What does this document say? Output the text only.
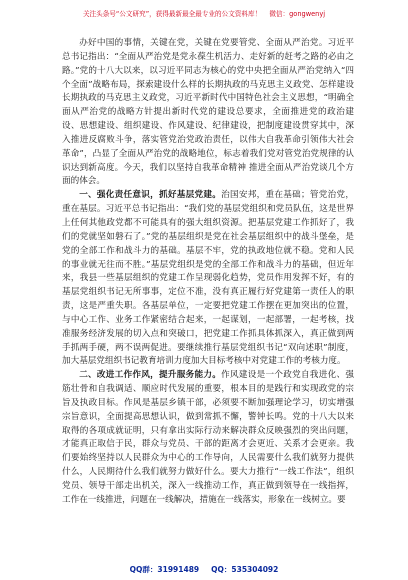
关注头条号“公文研究”，获得最新最全最专业的公文资料库！ 微信：gongwenyj

办好中国的事情，关键在党，关键在党要管党、全面从严治党。习近平总书记指出：“全面从严治党是党永葆生机活力、走好新的赶考之路的必由之路。”党的十八大以来，以习近平同志为核心的党中央把全面从严治党纳入“四个全面”战略布局，探索建设什么样的长期执政的马克思主义政党、怎样建设长期执政的马克思主义政党，习近平新时代中国特色社会主义思想，“明确全面从严治党的战略方针提出新时代党的建设总要求，全面推进党的政治建设、思想建设、组织建设、作风建设、纪律建设，把制度建设贯穿其中，深入推进反腐败斗争，落实管党治党政治责任，以伟大自我革命引领伟大社会革命”，凸显了全面从严治党的战略地位，标志着我们党对管党治党规律的认识达到新高度。今天，我们以坚持自我革命精神 推进全面从严治党谈几个方面的体会。

一、强化责任意识，抓好基层党建。治国安邦，重在基础；管党治党，重在基层。习近平总书记指出：“我们党的基层党组织和党员队伍，这是世界上任何其他政党都不可能具有的强大组织资源。把基层党建工作抓好了，我们的党就坚如磐石了。”党的基层组织是党在社会基层组织中的战斗堡垒，是党的全部工作和战斗力的基础。基层不牢，党的执政地位就不稳。党和人民的事业就无往而不胜。”基层党组织是党的全部工作和战斗力的基础，但近年来，我县一些基层组织的党建工作呈现弱化趋势，党员作用发挥不好，有的基层党组织书记无所事事，定位不准，没有真正履行好党建第一责任人的职责，这是严重失职。各基层单位，一定要把党建工作摆在更加突出的位置，与中心工作、业务工作紧密结合起来，一起谋划，一起部署，一起考核，找准服务经济发展的切入点和突破口，把党建工作抓具体抓深入，真正做到两手抓两手硬，两不误两促进。要继续推行基层党组织书记“双向述职”制度，加大基层党组织书记教育培训力度加大目标考核中对党建工作的考核力度。

二、改进工作作风，提升服务能力。作风建设是一个政党自我进化、强筋壮骨和自我调适、顺应时代发展的重要，根本目的是践行和实现政党的宗旨及执政目标。作风是基层乡镇干部，必须要不断加强理论学习，切实增强宗旨意识，全面提高思想认识，做到常抓不懈，警钟长鸣。党的十八大以来取得的各项成就证明，只有拿出实际行动来解决群众反映强烈的突出问题，才能真正取信于民，群众与党员、干部的距离才会更近、关系才会更亲。我们要始终坚持以人民群众为中心的工作导向，人民需要什么我们就努力提供什么，人民期待什么我们就努力做好什么。要大力推行“一线工作法”，组织党员、领导干部走出机关，深入一线推动工作，真正做到领导在一线指挥，工作在一线推进，问题在一线解决，措施在一线落实，形象在一线树立。要

QQ群：31991489 QQ：535304092
